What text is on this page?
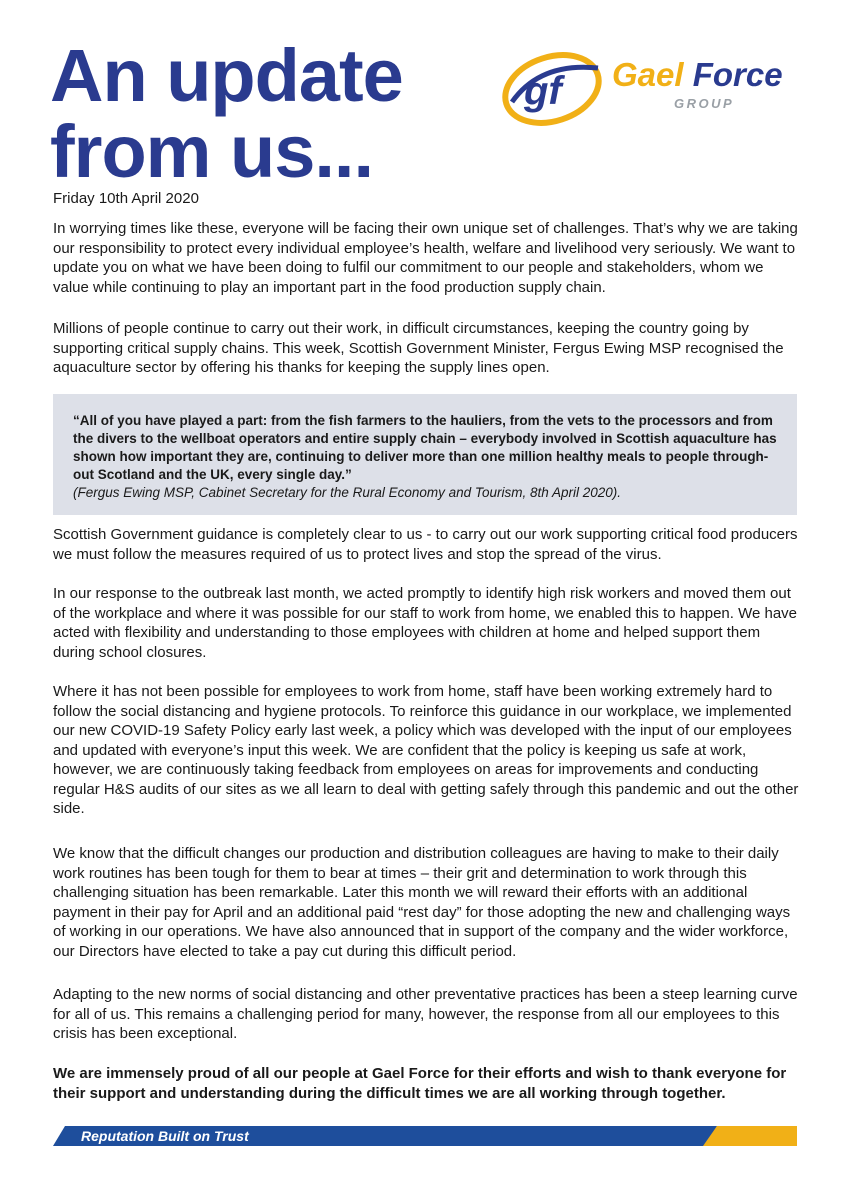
An update
from us...
gf Gael Force
GROUP
Friday 10th April 2020

In worrying times like these, everyone will be facing their own unique set of challenges. That’s why we are taking our responsibility to protect every individual employee’s health, welfare and livelihood very seriously. We want to update you on what we have been doing to fulfil our commitment to our people and stakeholders, whom we value while continuing to play an important part in the food production supply chain.

Millions of people continue to carry out their work, in difficult circumstances, keeping the country going by supporting critical supply chains. This week, Scottish Government Minister, Fergus Ewing MSP recognised the aquaculture sector by offering his thanks for keeping the supply lines open.

“All of you have played a part: from the fish farmers to the hauliers, from the vets to the processors and from the divers to the wellboat operators and entire supply chain – everybody involved in Scottish aquaculture has shown how important they are, continuing to deliver more than one million healthy meals to people through-out Scotland and the UK, every single day.”

(Fergus Ewing MSP, Cabinet Secretary for the Rural Economy and Tourism, 8th April 2020).

Scottish Government guidance is completely clear to us - to carry out our work supporting critical food producers we must follow the measures required of us to protect lives and stop the spread of the virus.

In our response to the outbreak last month, we acted promptly to identify high risk workers and moved them out of the workplace and where it was possible for our staff to work from home, we enabled this to happen. We have acted with flexibility and understanding to those employees with children at home and helped support them during school closures.

Where it has not been possible for employees to work from home, staff have been working extremely hard to follow the social distancing and hygiene protocols. To reinforce this guidance in our workplace, we implemented our new COVID-19 Safety Policy early last week, a policy which was developed with the input of our employees and updated with everyone’s input this week. We are confident that the policy is keeping us safe at work, however, we are continuously taking feedback from employees on areas for improvements and conducting regular H&S audits of our sites as we all learn to deal with getting safely through this pandemic and out the other side.

We know that the difficult changes our production and distribution colleagues are having to make to their daily work routines has been tough for them to bear at times – their grit and determination to work through this challenging situation has been remarkable. Later this month we will reward their efforts with an additional payment in their pay for April and an additional paid “rest day” for those adopting the new and challenging ways of working in our operations. We have also announced that in support of the company and the wider workforce, our Directors have elected to take a pay cut during this difficult period.

Adapting to the new norms of social distancing and other preventative practices has been a steep learning curve for all of us. This remains a challenging period for many, however, the response from all our employees to this crisis has been exceptional.

We are immensely proud of all our people at Gael Force for their efforts and wish to thank everyone for their support and understanding during the difficult times we are all working through together.

Reputation Built on Trust
